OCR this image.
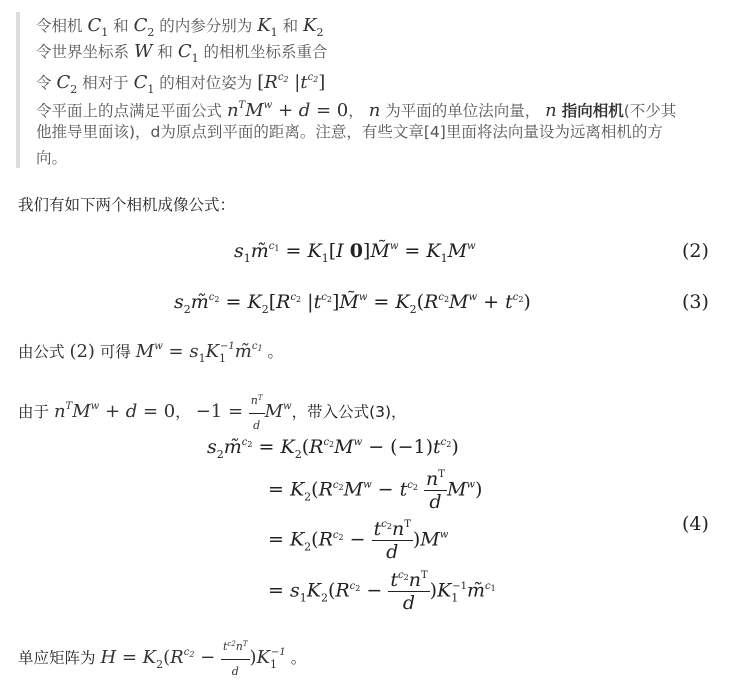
令相机 $C_1$ 和 $C_2$ 的内参分别为 $K_1$ 和 $K_2$
令世界坐标系 W 和 $C_1$ 的相机坐标系重合
令 $C_2$ 相对于 $C_1$ 的相对位姿为 [$R^{c_2}$ $|t^{c_2}$]
令平面上的点满足平面公式 $n^TM^w + d = 0$， n 为平面的单位法向量， n 指向相机(不少其
他推导里面该)，d为原点到平面的距离。注意，有些文章[4]里面将法向量设为远离相机的方
向。
我们有如下两个相机成像公式：
$s_1m̃^{c_1} = K_1[I$ 0]M̃$^w$ = $K_1M^w$	(2)
$s_2m̃^{c_2} = K_2[R^{c_2}$ $|t^{c_2}]M̃^w = K_2(R^{c_2}M^w + t^{c_2})$	(3)
由公式 (2) 可得 $M^w$ = $s_1K_1^{-1}m̃^{c_1}$ 。
由于 $n^TM^w + d = 0$， $-1 = \frac{n^T}{d} M^w$，带入公式(3)，
$s_2m̃^{c_2} = K_2(R^{c_2}M^w - (-1)t^{c_2})$
= $K_2(R^{c_2}M^w - t^{c_2} \frac{n^T}{d} M^w)$
= $K_2(R^{c_2} - \frac{t^{c_2}n^T}{d} )M^w$
= $s_1K_2(R^{c_2} - \frac{t^{c_2}n^T}{d}$ )$K_1^{-1}m̃^{c_1}$
(4)
单应矩阵为 $H = K_2(R^{c_2} - \frac{t^{c2}n^T}{d} )K_1^{-1}$ 。
